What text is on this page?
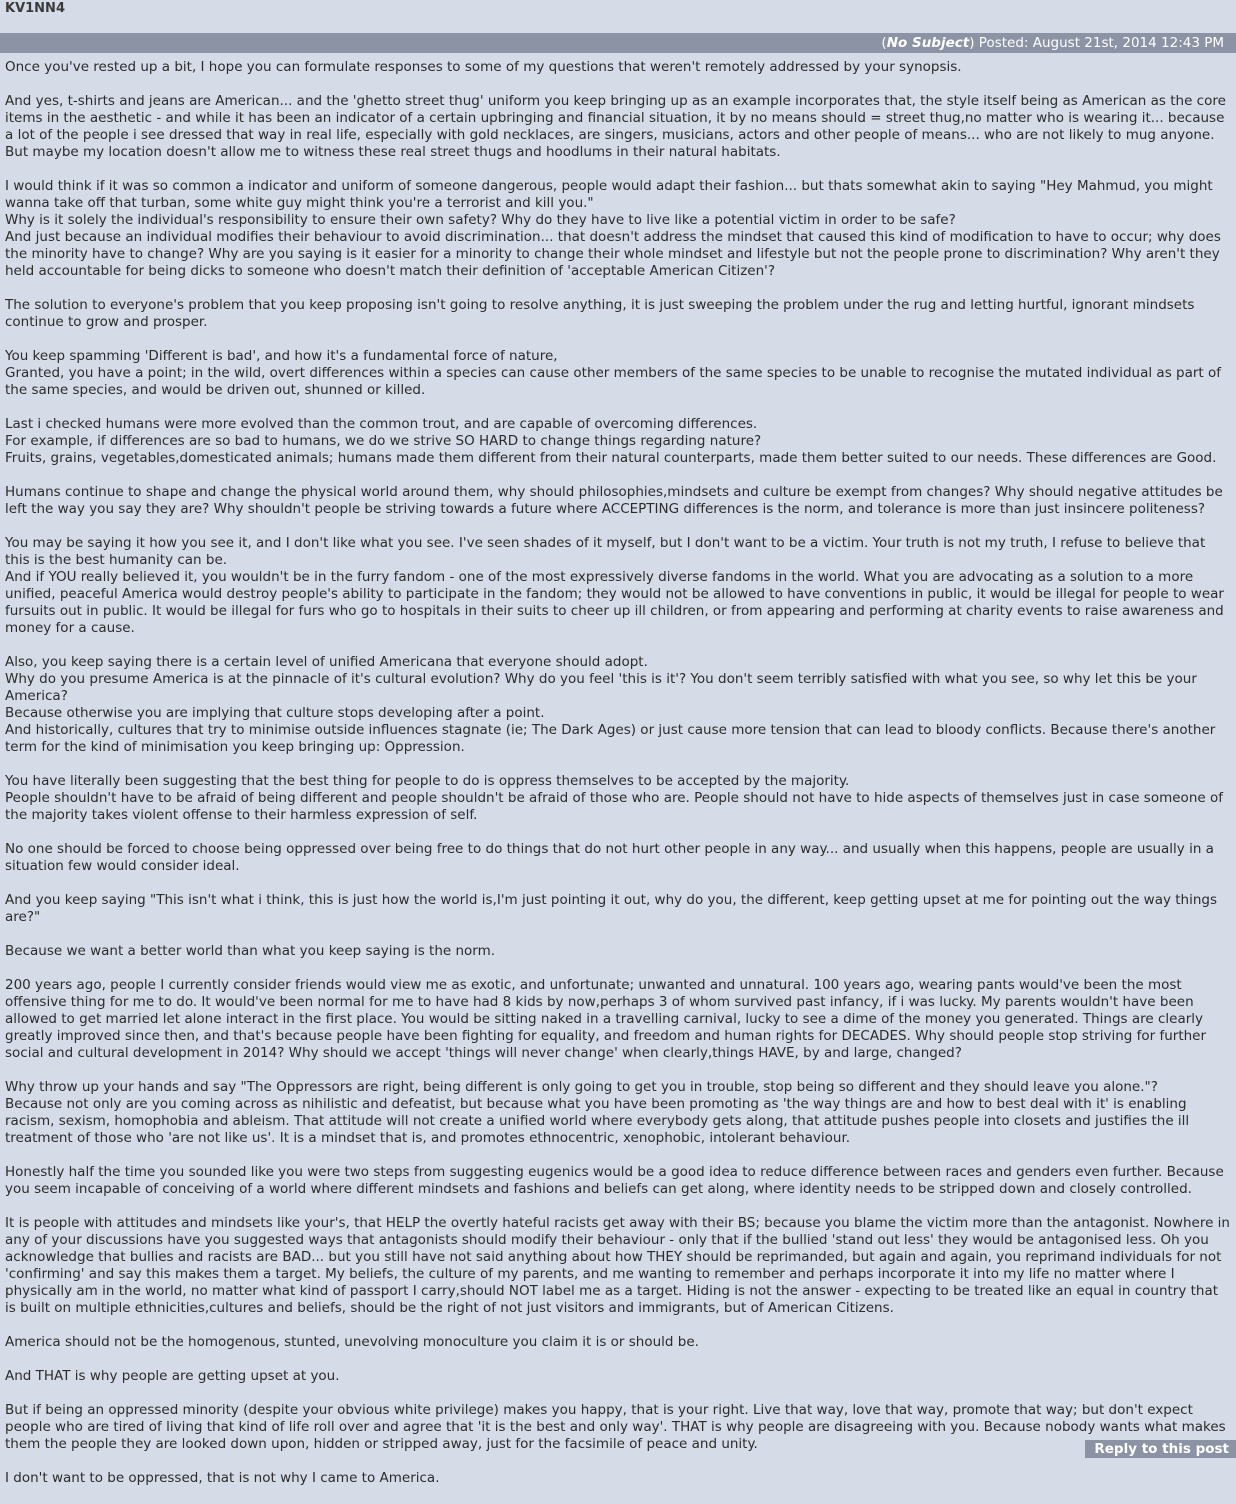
KV1NN4
(No Subject) Posted: August 21st, 2014 12:43 PM

Once you've rested up a bit, I hope you can formulate responses to some of my questions that weren't remotely addressed by your synopsis.

And yes, t-shirts and jeans are American... and the 'ghetto street thug' uniform you keep bringing up as an example incorporates that, the style itself being as American as the core items in the aesthetic - and while it has been an indicator of a certain upbringing and financial situation, it by no means should = street thug,no matter who is wearing it... because a lot of the people i see dressed that way in real life, especially with gold necklaces, are singers, musicians, actors and other people of means... who are not likely to mug anyone. But maybe my location doesn't allow me to witness these real street thugs and hoodlums in their natural habitats.

I would think if it was so common a indicator and uniform of someone dangerous, people would adapt their fashion... but thats somewhat akin to saying "Hey Mahmud, you might wanna take off that turban, some white guy might think you're a terrorist and kill you."
Why is it solely the individual's responsibility to ensure their own safety? Why do they have to live like a potential victim in order to be safe?
And just because an individual modifies their behaviour to avoid discrimination... that doesn't address the mindset that caused this kind of modification to have to occur; why does the minority have to change? Why are you saying is it easier for a minority to change their whole mindset and lifestyle but not the people prone to discrimination? Why aren't they held accountable for being dicks to someone who doesn't match their definition of 'acceptable American Citizen'?

The solution to everyone's problem that you keep proposing isn't going to resolve anything, it is just sweeping the problem under the rug and letting hurtful, ignorant mindsets continue to grow and prosper.

You keep spamming 'Different is bad', and how it's a fundamental force of nature,
Granted, you have a point; in the wild, overt differences within a species can cause other members of the same species to be unable to recognise the mutated individual as part of the same species, and would be driven out, shunned or killed.

Last i checked humans were more evolved than the common trout, and are capable of overcoming differences.
For example, if differences are so bad to humans, we do we strive SO HARD to change things regarding nature?
Fruits, grains, vegetables,domesticated animals; humans made them different from their natural counterparts, made them better suited to our needs. These differences are Good.

Humans continue to shape and change the physical world around them, why should philosophies,mindsets and culture be exempt from changes? Why should negative attitudes be left the way you say they are? Why shouldn't people be striving towards a future where ACCEPTING differences is the norm, and tolerance is more than just insincere politeness?

You may be saying it how you see it, and I don't like what you see. I've seen shades of it myself, but I don't want to be a victim. Your truth is not my truth, I refuse to believe that this is the best humanity can be.
And if YOU really believed it, you wouldn't be in the furry fandom - one of the most expressively diverse fandoms in the world. What you are advocating as a solution to a more unified, peaceful America would destroy people's ability to participate in the fandom; they would not be allowed to have conventions in public, it would be illegal for people to wear fursuits out in public. It would be illegal for furs who go to hospitals in their suits to cheer up ill children, or from appearing and performing at charity events to raise awareness and money for a cause.

Also, you keep saying there is a certain level of unified Americana that everyone should adopt.
Why do you presume America is at the pinnacle of it's cultural evolution? Why do you feel 'this is it'? You don't seem terribly satisfied with what you see, so why let this be your America?
Because otherwise you are implying that culture stops developing after a point.
And historically, cultures that try to minimise outside influences stagnate (ie; The Dark Ages) or just cause more tension that can lead to bloody conflicts. Because there's another term for the kind of minimisation you keep bringing up: Oppression.

You have literally been suggesting that the best thing for people to do is oppress themselves to be accepted by the majority.
People shouldn't have to be afraid of being different and people shouldn't be afraid of those who are. People should not have to hide aspects of themselves just in case someone of the majority takes violent offense to their harmless expression of self.

No one should be forced to choose being oppressed over being free to do things that do not hurt other people in any way... and usually when this happens, people are usually in a situation few would consider ideal.

And you keep saying "This isn't what i think, this is just how the world is,I'm just pointing it out, why do you, the different, keep getting upset at me for pointing out the way things are?"

Because we want a better world than what you keep saying is the norm.

200 years ago, people I currently consider friends would view me as exotic, and unfortunate; unwanted and unnatural. 100 years ago, wearing pants would've been the most offensive thing for me to do. It would've been normal for me to have had 8 kids by now,perhaps 3 of whom survived past infancy, if i was lucky. My parents wouldn't have been allowed to get married let alone interact in the first place. You would be sitting naked in a travelling carnival, lucky to see a dime of the money you generated. Things are clearly greatly improved since then, and that's because people have been fighting for equality, and freedom and human rights for DECADES. Why should people stop striving for further social and cultural development in 2014? Why should we accept 'things will never change' when clearly,things HAVE, by and large, changed?

Why throw up your hands and say "The Oppressors are right, being different is only going to get you in trouble, stop being so different and they should leave you alone."?
Because not only are you coming across as nihilistic and defeatist, but because what you have been promoting as 'the way things are and how to best deal with it' is enabling racism, sexism, homophobia and ableism. That attitude will not create a unified world where everybody gets along, that attitude pushes people into closets and justifies the ill treatment of those who 'are not like us'. It is a mindset that is, and promotes ethnocentric, xenophobic, intolerant behaviour.

Honestly half the time you sounded like you were two steps from suggesting eugenics would be a good idea to reduce difference between races and genders even further. Because you seem incapable of conceiving of a world where different mindsets and fashions and beliefs can get along, where identity needs to be stripped down and closely controlled.

It is people with attitudes and mindsets like your's, that HELP the overtly hateful racists get away with their BS; because you blame the victim more than the antagonist. Nowhere in any of your discussions have you suggested ways that antagonists should modify their behaviour - only that if the bullied 'stand out less' they would be antagonised less. Oh you acknowledge that bullies and racists are BAD... but you still have not said anything about how THEY should be reprimanded, but again and again, you reprimand individuals for not 'confirming' and say this makes them a target. My beliefs, the culture of my parents, and me wanting to remember and perhaps incorporate it into my life no matter where I physically am in the world, no matter what kind of passport I carry,should NOT label me as a target. Hiding is not the answer - expecting to be treated like an equal in country that is built on multiple ethnicities,cultures and beliefs, should be the right of not just visitors and immigrants, but of American Citizens.

America should not be the homogenous, stunted, unevolving monoculture you claim it is or should be.

And THAT is why people are getting upset at you.

But if being an oppressed minority (despite your obvious white privilege) makes you happy, that is your right. Live that way, love that way, promote that way; but don't expect people who are tired of living that kind of life roll over and agree that 'it is the best and only way'. THAT is why people are disagreeing with you. Because nobody wants what makes them the people they are looked down upon, hidden or stripped away, just for the facsimile of peace and unity.

I don't want to be oppressed, that is not why I came to America.

Reply to this post
